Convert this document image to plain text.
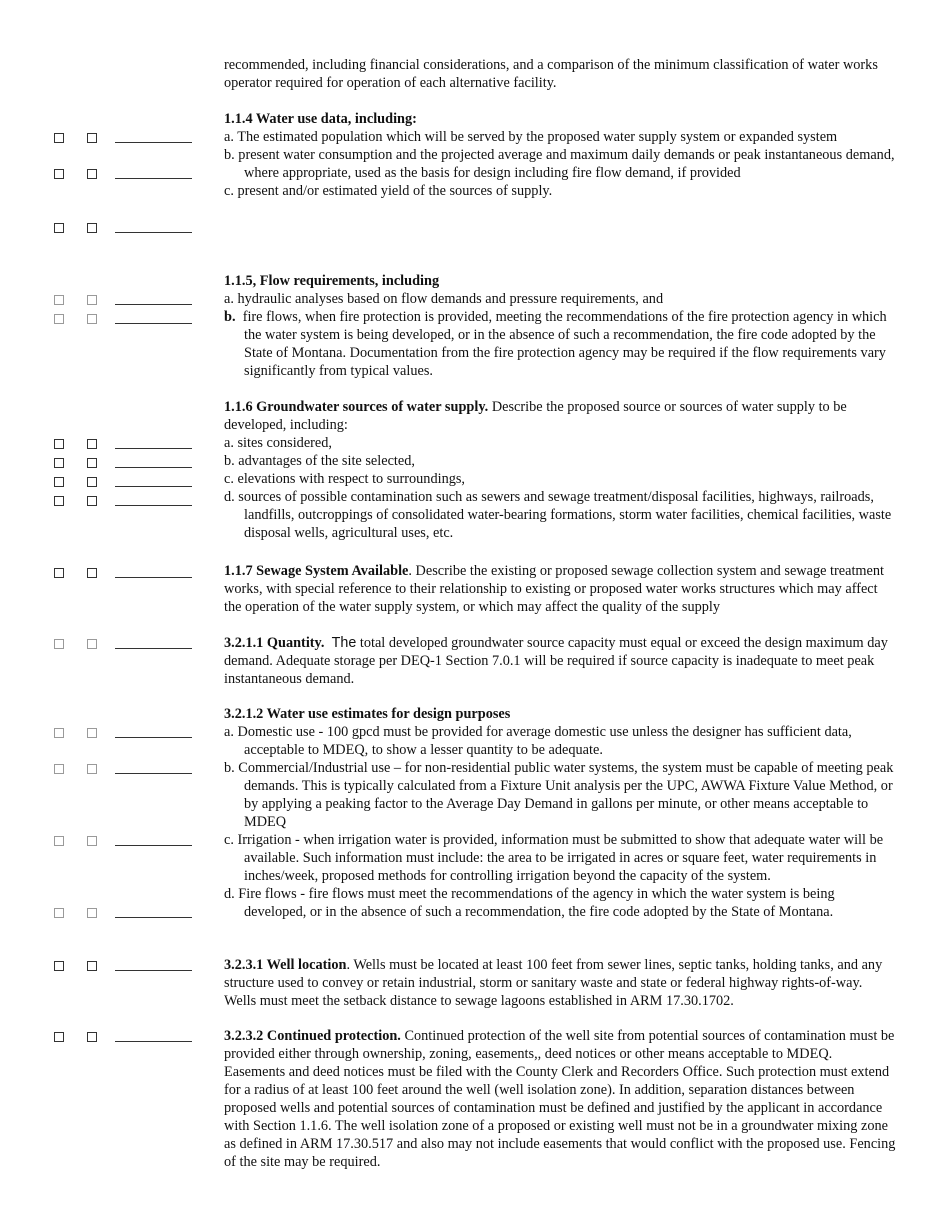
recommended, including financial considerations, and a comparison of the minimum classification of water works operator required for operation of each alternative facility.
1.1.4 Water use data, including:
a. The estimated population which will be served by the proposed water supply system or expanded system
b. present water consumption and the projected average and maximum daily demands or peak instantaneous demand, where appropriate, used as the basis for design including fire flow demand, if provided
c. present and/or estimated yield of the sources of supply.
1.1.5, Flow requirements, including
a. hydraulic analyses based on flow demands and pressure requirements, and
b. fire flows, when fire protection is provided, meeting the recommendations of the fire protection agency in which the water system is being developed, or in the absence of such a recommendation, the fire code adopted by the State of Montana. Documentation from the fire protection agency may be required if the flow requirements vary significantly from typical values.
1.1.6 Groundwater sources of water supply. Describe the proposed source or sources of water supply to be developed, including:
a. sites considered,
b. advantages of the site selected,
c. elevations with respect to surroundings,
d. sources of possible contamination such as sewers and sewage treatment/disposal facilities, highways, railroads, landfills, outcroppings of consolidated water-bearing formations, storm water facilities, chemical facilities, waste disposal wells, agricultural uses, etc.
1.1.7 Sewage System Available. Describe the existing or proposed sewage collection system and sewage treatment works, with special reference to their relationship to existing or proposed water works structures which may affect the operation of the water supply system, or which may affect the quality of the supply
3.2.1.1 Quantity. The total developed groundwater source capacity must equal or exceed the design maximum day demand. Adequate storage per DEQ-1 Section 7.0.1 will be required if source capacity is inadequate to meet peak instantaneous demand.
3.2.1.2 Water use estimates for design purposes
a. Domestic use - 100 gpcd must be provided for average domestic use unless the designer has sufficient data, acceptable to MDEQ, to show a lesser quantity to be adequate.
b. Commercial/Industrial use – for non-residential public water systems, the system must be capable of meeting peak demands. This is typically calculated from a Fixture Unit analysis per the UPC, AWWA Fixture Value Method, or by applying a peaking factor to the Average Day Demand in gallons per minute, or other means acceptable to MDEQ
c. Irrigation - when irrigation water is provided, information must be submitted to show that adequate water will be available. Such information must include: the area to be irrigated in acres or square feet, water requirements in inches/week, proposed methods for controlling irrigation beyond the capacity of the system.
d. Fire flows - fire flows must meet the recommendations of the agency in which the water system is being developed, or in the absence of such a recommendation, the fire code adopted by the State of Montana.
3.2.3.1 Well location. Wells must be located at least 100 feet from sewer lines, septic tanks, holding tanks, and any structure used to convey or retain industrial, storm or sanitary waste and state or federal highway rights-of-way. Wells must meet the setback distance to sewage lagoons established in ARM 17.30.1702.
3.2.3.2 Continued protection. Continued protection of the well site from potential sources of contamination must be provided either through ownership, zoning, easements,, deed notices or other means acceptable to MDEQ. Easements and deed notices must be filed with the County Clerk and Recorders Office. Such protection must extend for a radius of at least 100 feet around the well (well isolation zone). In addition, separation distances between proposed wells and potential sources of contamination must be defined and justified by the applicant in accordance with Section 1.1.6. The well isolation zone of a proposed or existing well must not be in a groundwater mixing zone as defined in ARM 17.30.517 and also may not include easements that would conflict with the proposed use. Fencing of the site may be required.
